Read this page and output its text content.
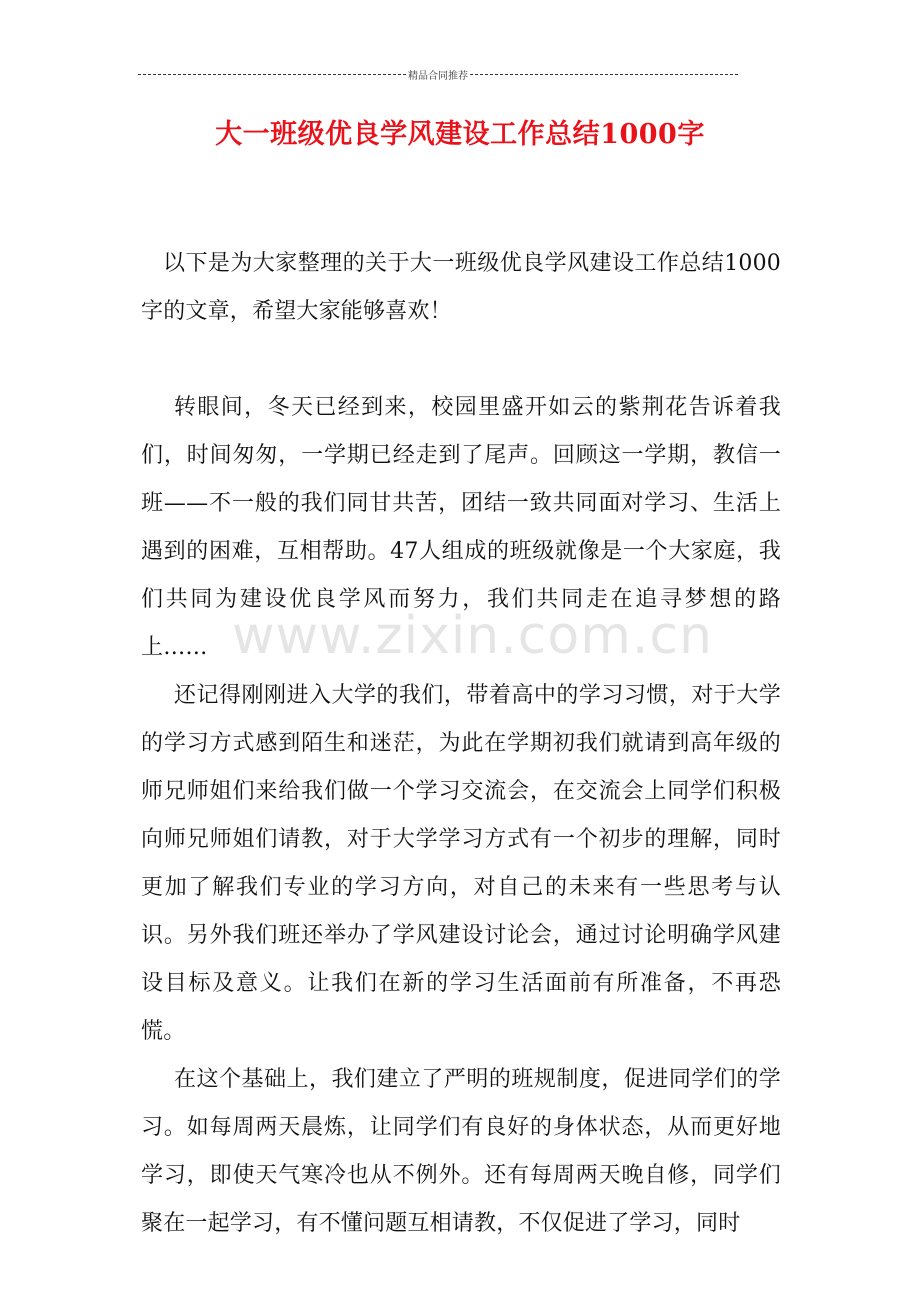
精品合同推荐
大一班级优良学风建设工作总结1000字

以下是为大家整理的关于大一班级优良学风建设工作总结1000字的文章，希望大家能够喜欢！

转眼间，冬天已经到来，校园里盛开如云的紫荆花告诉着我们，时间匆匆，一学期已经走到了尾声。回顾这一学期，教信一班——不一般的我们同甘共苦，团结一致共同面对学习、生活上遇到的困难，互相帮助。47人组成的班级就像是一个大家庭，我们共同为建设优良学风而努力，我们共同走在追寻梦想的路上……

还记得刚刚进入大学的我们，带着高中的学习习惯，对于大学的学习方式感到陌生和迷茫，为此在学期初我们就请到高年级的师兄师姐们来给我们做一个学习交流会，在交流会上同学们积极向师兄师姐们请教，对于大学学习方式有一个初步的理解，同时更加了解我们专业的学习方向，对自己的未来有一些思考与认识。另外我们班还举办了学风建设讨论会，通过讨论明确学风建设目标及意义。让我们在新的学习生活面前有所准备，不再恐慌。

在这个基础上，我们建立了严明的班规制度，促进同学们的学习。如每周两天晨炼，让同学们有良好的身体状态，从而更好地学习，即使天气寒冷也从不例外。还有每周两天晚自修，同学们聚在一起学习，有不懂问题互相请教，不仅促进了学习，同时

www.zixin.com.cn
